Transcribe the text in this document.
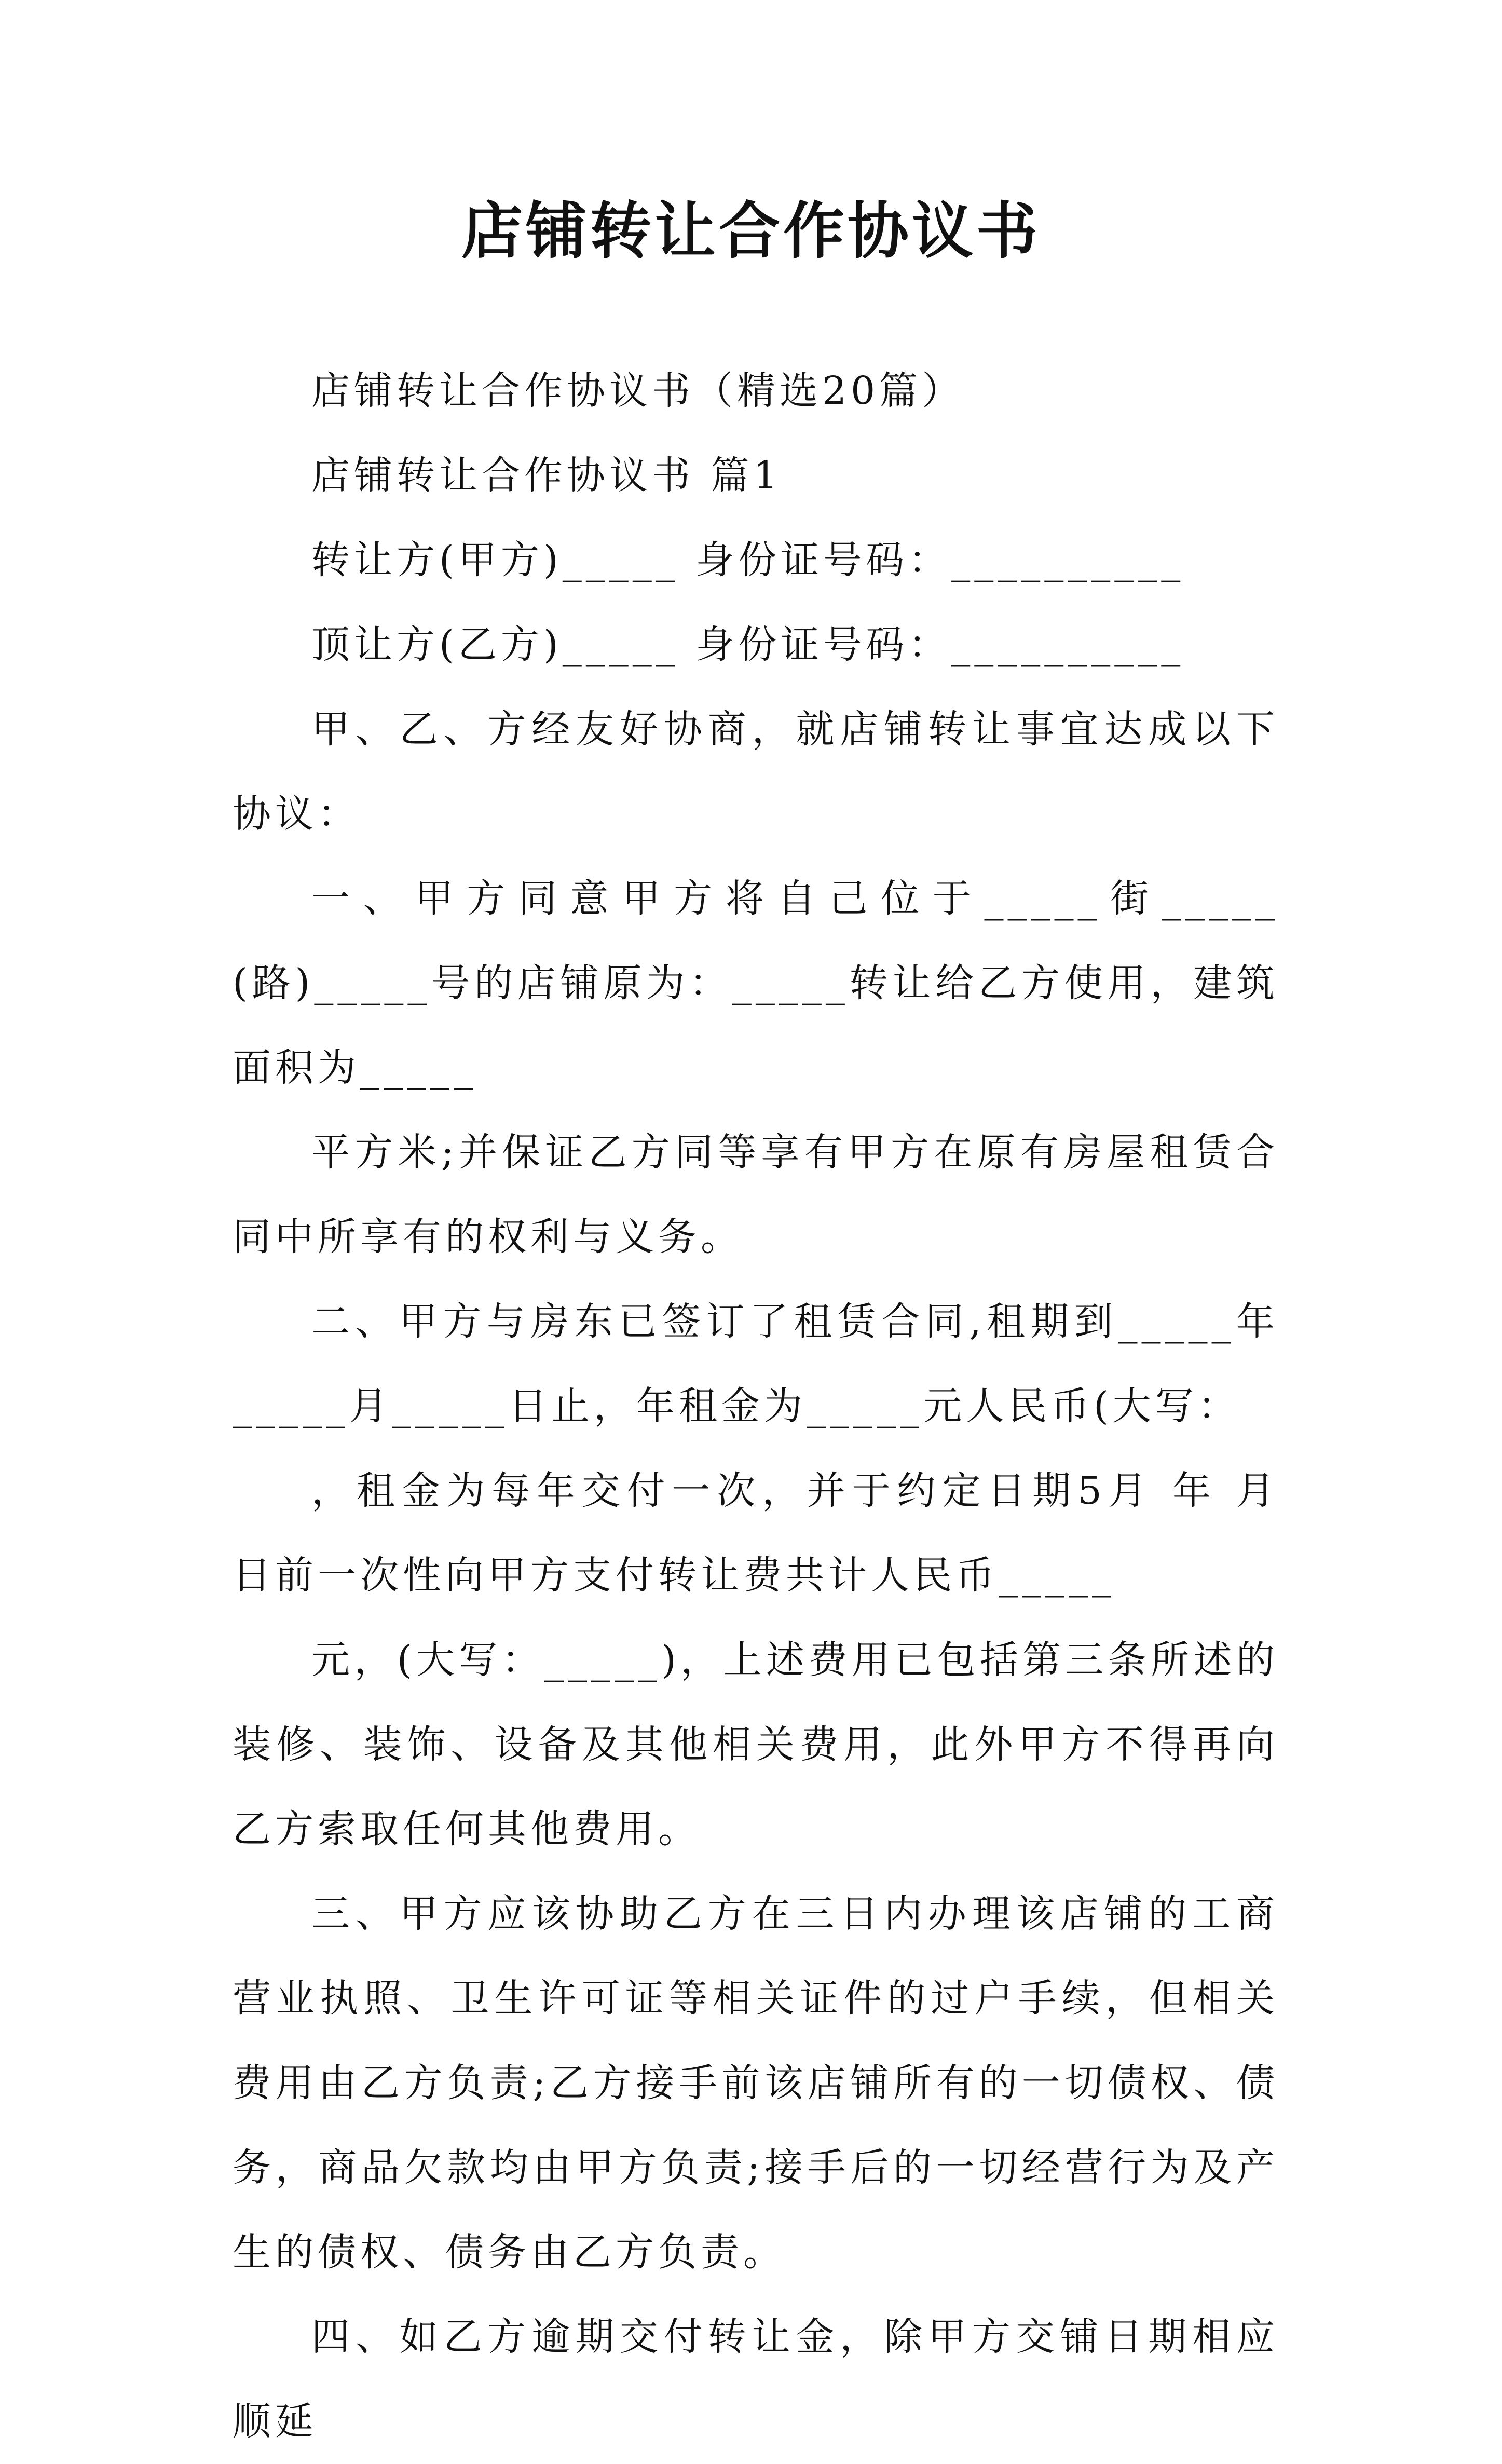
店铺转让合作协议书

店铺转让合作协议书（精选20篇）

店铺转让合作协议书 篇1

转让方(甲方)_____ 身份证号码：__________

顶让方(乙方)_____ 身份证号码：__________

甲、乙、方经友好协商，就店铺转让事宜达成以下协议：

一、甲方同意甲方将自己位于_____街_____ (路)_____号的店铺原为：_____转让给乙方使用，建筑面积为_____

平方米;并保证乙方同等享有甲方在原有房屋租赁合同中所享有的权利与义务。

二、甲方与房东已签订了租赁合同,租期到_____年_____月_____日止，年租金为_____元人民币(大写：

，租金为每年交付一次，并于约定日期5月 年 月 日前一次性向甲方支付转让费共计人民币_____

元，(大写：_____)，上述费用已包括第三条所述的装修、装饰、设备及其他相关费用，此外甲方不得再向乙方索取任何其他费用。

三、甲方应该协助乙方在三日内办理该店铺的工商营业执照、卫生许可证等相关证件的过户手续，但相关费用由乙方负责;乙方接手前该店铺所有的一切债权、债务，商品欠款均由甲方负责;接手后的一切经营行为及产生的债权、债务由乙方负责。

四、如乙方逾期交付转让金，除甲方交铺日期相应顺延
